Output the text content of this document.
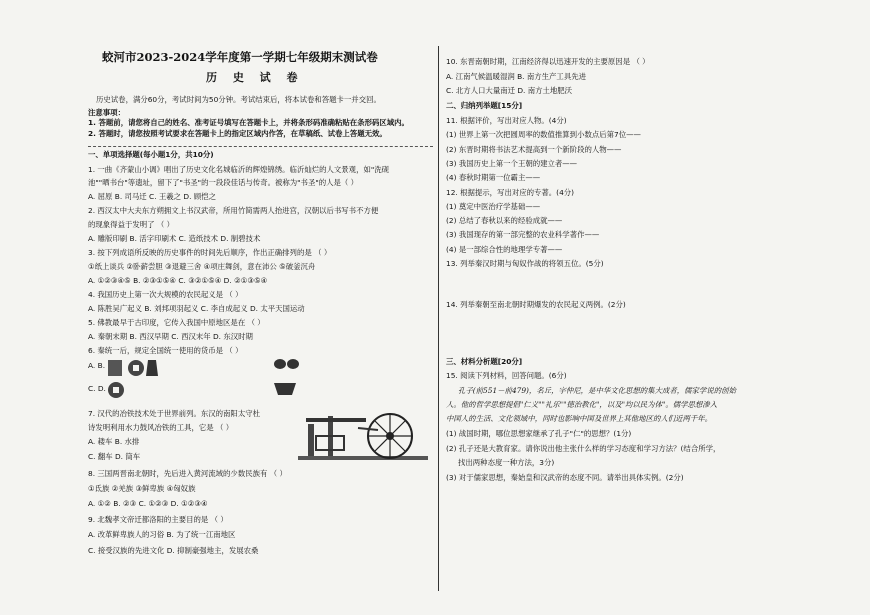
蛟河市2023-2024学年度第一学期七年级期末测试卷
历 史 试 卷
历史试卷，满分60分，考试时间为50分钟。考试结束后，将本试卷和答题卡一并交回。
注意事项：
1. 答题前，请您将自己的姓名、准考证号填写在答题卡上，并将条形码准确粘贴在条形码区域内。
2. 答题时，请您按照考试要求在答题卡上的指定区域内作答，在草稿纸、试卷上答题无效。
一、单项选择题(每小题1分，共10分)
1. 一曲《齐蒙山小调》唱出了历史文化名城临沂的辉煌锦绣。临沂灿烂的人文景观，如"洗砚
池""晒书台"等遗址，留下了"书圣"的一段段佳话与传奇。被称为"书圣"的人是（ ）
A. 屈原 B. 司马迁 C. 王羲之 D. 顾恺之
2. 西汉太中大夫东方朔拥文上书汉武帝，所用竹简需两人抬进宫，汉朝以后书写书不方便
的现象得益于发明了 （ ）
A. 雕版印刷 B. 活字印刷术 C. 造纸技术 D. 制碧技术
3. 按下列成语所反映的历史事件的时间先后顺序，作出正确排列的是 （ ）
①纸上谈兵 ②卧薪尝胆 ③退避三舍 ④项庄舞剑，意在沛公 ⑤破釜沉舟
A. ①②③④⑤ B. ②③①⑤④ C. ③②①⑤④ D. ②①③⑤④
4. 我国历史上第一次大规模的农民起义是 （ ）
A. 陈胜吴广起义 B. 刘邦项羽起义 C. 李自成起义 D. 太平天国运动
5. 佛教最早于古印度，它传入我国中原地区是在 （ ）
A. 秦朝末期 B. 西汉早期 C. 西汉末年 D. 东汉时期
6. 秦统一后，规定全国统一使用的货币是 （ ）
A. B.
C. D.
7. 汉代的冶铁技术处于世界前列。东汉的南阳太守杜
诗发明利用水力鼓风冶铁的工具，它是 （ ）
A. 耧车 B. 水排
C. 翻车 D. 筒车
8. 三国两晋南北朝时，先后进入黄河流域的少数民族有 （ ）
①氐族 ②羌族 ③鲜卑族 ④匈奴族
A. ①② B. ②③ C. ①②③ D. ①②③④
9. 北魏孝文帝迁都洛阳的主要目的是 （ ）
A. 改革鲜卑族人的习俗 B. 为了统一江南地区
C. 接受汉族的先进文化 D. 抑制豪强地主，发展农桑
10. 东晋南朝时期，江南经济得以迅速开发的主要原因是 （ ）
A. 江南气候温暖湿润 B. 南方生产工具先进
C. 北方人口大量南迁 D. 南方土地肥沃
二、归纳列举题[15分]
11. 根据评价，写出对应人物。(4分)
(1) 世界上第一次把圆周率的数值推算到小数点后第7位——
(2) 东晋时期将书法艺术提高到一个新阶段的人物——
(3) 我国历史上第一个王朝的建立者——
(4) 春秋时期第一位霸主——
12. 根据提示，写出对应的专著。(4分)
(1) 奠定中医治疗学基础——
(2) 总结了春秋以来的经验成就——
(3) 我国现存的第一部完整的农业科学著作——
(4) 是一部综合性的地理学专著——
13. 列举秦汉时期与匈奴作战的将领五位。(5分)
14. 列举秦朝至南北朝时期爆发的农民起义两例。(2分)
三、材料分析题[20分]
15. 阅读下列材料，回答问题。(6分)
孔子(前551－前479)，名丘，字仲尼，是中华文化思想的集大成者，儒家学说的创始
人。他的哲学思想提倡"仁义""礼乐""德治教化"，以及"均以民为体"。儒学思想渗入
中国人的生活、文化领域中，同时也影响中国及世界上其他地区的人们近两千年。
(1) 战国时期，哪位思想家继承了孔子"仁"的思想？(1分)
(2) 孔子还是大教育家。请你说出他主张什么样的学习态度和学习方法？(结合所学，
找出两种态度一种方法，3分)
(3) 对于儒家思想，秦始皇和汉武帝的态度不同。请举出具体实例。(2分)
